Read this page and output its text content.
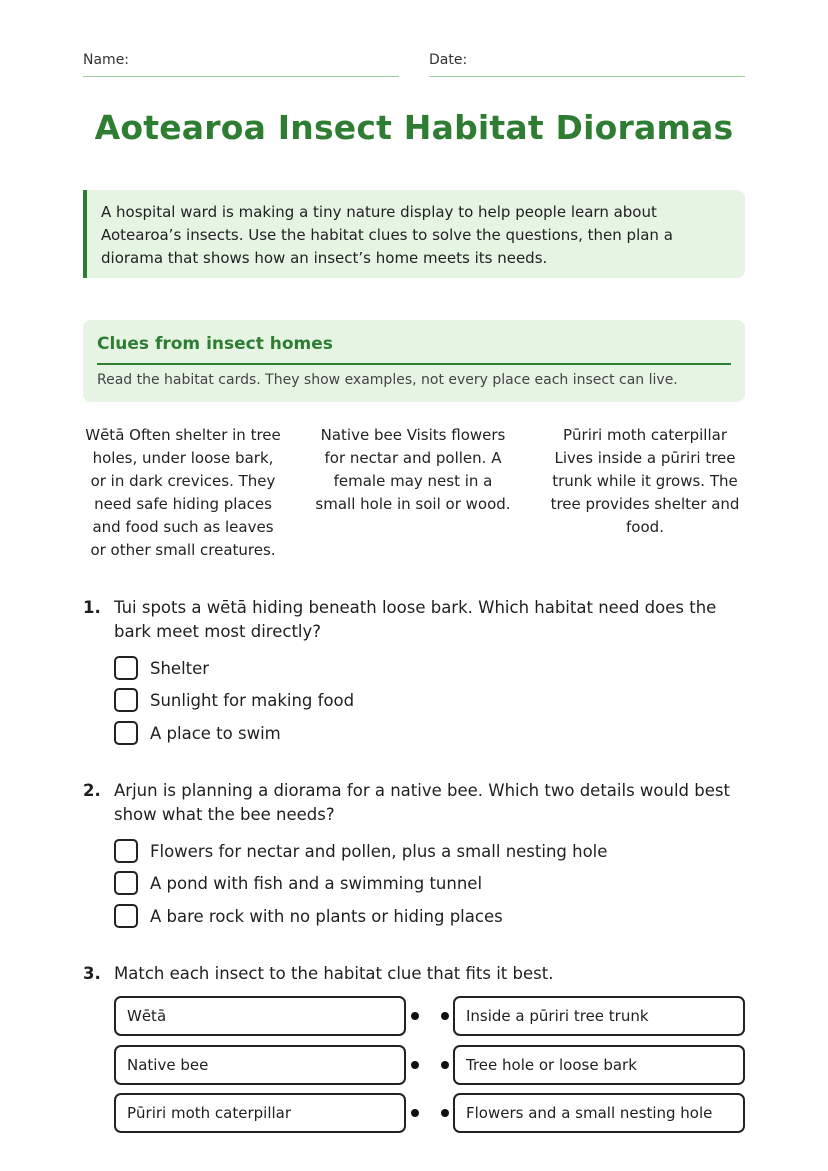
Name:	Date:
Aotearoa Insect Habitat Dioramas
A hospital ward is making a tiny nature display to help people learn about Aotearoa’s insects. Use the habitat clues to solve the questions, then plan a diorama that shows how an insect’s home meets its needs.
Clues from insect homes
Read the habitat cards. They show examples, not every place each insect can live.
Wētā Often shelter in tree holes, under loose bark, or in dark crevices. They need safe hiding places and food such as leaves or other small creatures.
Native bee Visits flowers for nectar and pollen. A female may nest in a small hole in soil or wood.
Pūriri moth caterpillar Lives inside a pūriri tree trunk while it grows. The tree provides shelter and food.
1. Tui spots a wētā hiding beneath loose bark. Which habitat need does the bark meet most directly?
Shelter
Sunlight for making food
A place to swim
2. Arjun is planning a diorama for a native bee. Which two details would best show what the bee needs?
Flowers for nectar and pollen, plus a small nesting hole
A pond with fish and a swimming tunnel
A bare rock with no plants or hiding places
3. Match each insect to the habitat clue that fits it best.
Wētā	Inside a pūriri tree trunk
Native bee	Tree hole or loose bark
Pūriri moth caterpillar	Flowers and a small nesting hole
